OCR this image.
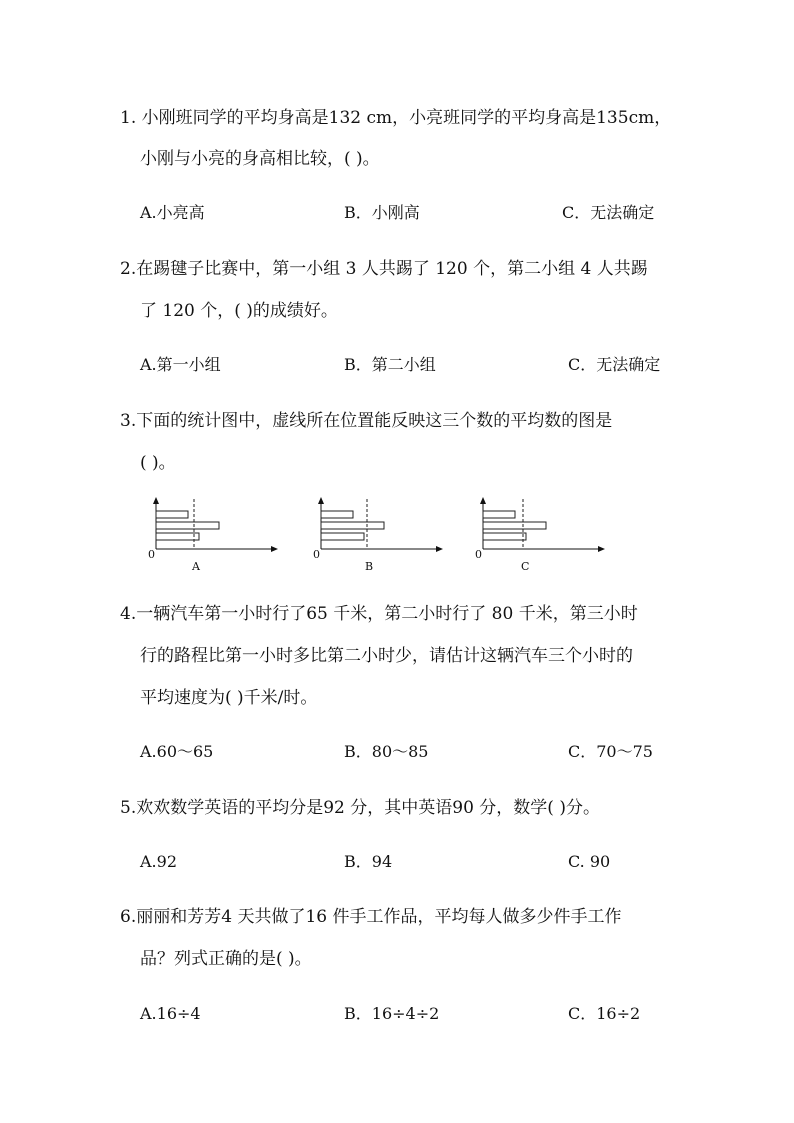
1. 小刚班同学的平均身高是132 cm，小亮班同学的平均身高是135cm，
小刚与小亮的身高相比较，( )。
A.小亮高	B．小刚高	C．无法确定
2.在踢毽子比赛中，第一小组 3 人共踢了 120 个，第二小组 4 人共踢
了 120 个，( )的成绩好。
A.第一小组	B．第二小组	C．无法确定
3.下面的统计图中，虚线所在位置能反映这三个数的平均数的图是
( )。
0
A
0
B
0
C
4.一辆汽车第一小时行了65 千米，第二小时行了 80 千米，第三小时
行的路程比第一小时多比第二小时少，请估计这辆汽车三个小时的
平均速度为( )千米/时。
A.60～65	B．80～85	C．70～75
5.欢欢数学英语的平均分是92 分，其中英语90 分，数学( )分。
A.92	B．94	C. 90
6.丽丽和芳芳4 天共做了16 件手工作品，平均每人做多少件手工作
品？列式正确的是( )。
A.16÷4	B．16÷4÷2	C．16÷2
